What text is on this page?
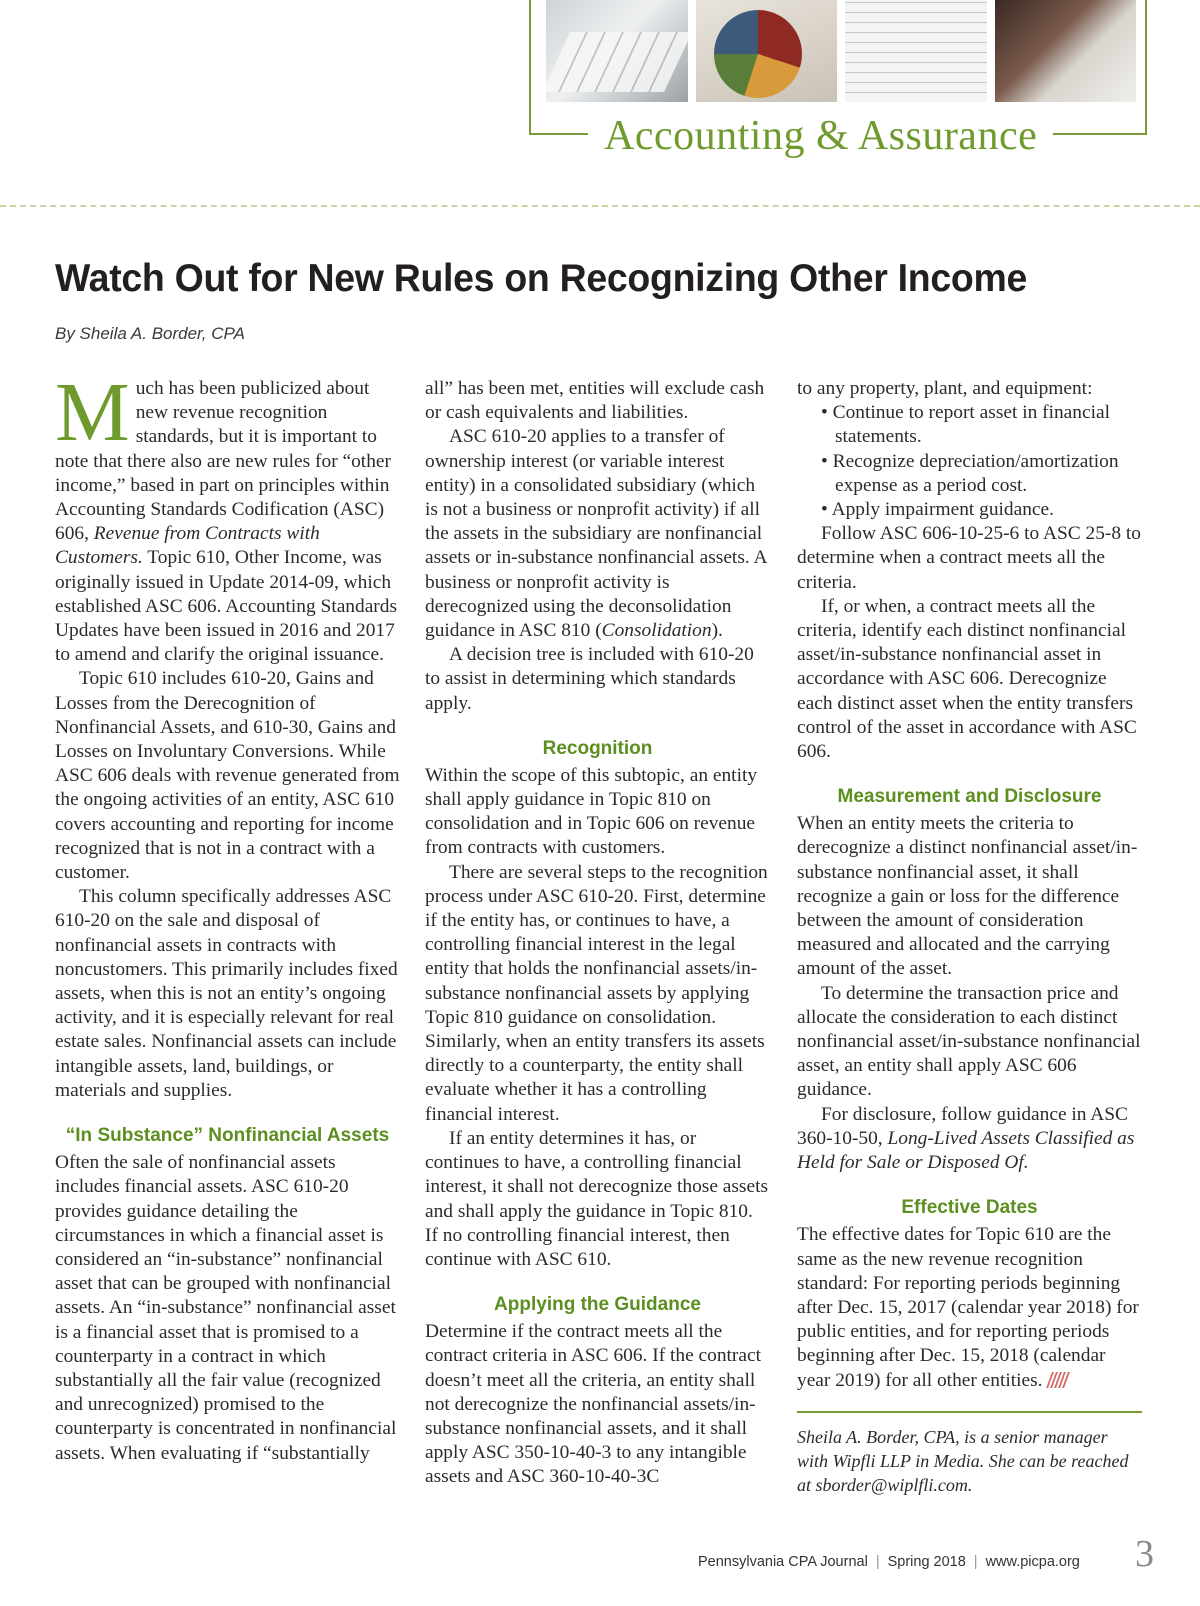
Accounting & Assurance
Watch Out for New Rules on Recognizing Other Income
By Sheila A. Border, CPA

Much has been publicized about new revenue recognition standards, but it is important to note that there also are new rules for “other income,” based in part on principles within Accounting Standards Codification (ASC) 606, Revenue from Contracts with Customers. Topic 610, Other Income, was originally issued in Update 2014-09, which established ASC 606. Accounting Standards Updates have been issued in 2016 and 2017 to amend and clarify the original issuance.

Topic 610 includes 610-20, Gains and Losses from the Derecognition of Nonfinancial Assets, and 610-30, Gains and Losses on Involuntary Conversions. While ASC 606 deals with revenue generated from the ongoing activities of an entity, ASC 610 covers accounting and reporting for income recognized that is not in a contract with a customer.

This column specifically addresses ASC 610-20 on the sale and disposal of nonfinancial assets in contracts with noncustomers. This primarily includes fixed assets, when this is not an entity’s ongoing activity, and it is especially relevant for real estate sales. Nonfinancial assets can include intangible assets, land, buildings, or materials and supplies.

“In Substance” Nonfinancial Assets

Often the sale of nonfinancial assets includes financial assets. ASC 610-20 provides guidance detailing the circumstances in which a financial asset is considered an “in-substance” nonfinancial asset that can be grouped with nonfinancial assets. An “in-substance” nonfinancial asset is a financial asset that is promised to a counterparty in a contract in which substantially all the fair value (recognized and unrecognized) promised to the counterparty is concentrated in nonfinancial assets. When evaluating if “substantially

all” has been met, entities will exclude cash or cash equivalents and liabilities.

ASC 610-20 applies to a transfer of ownership interest (or variable interest entity) in a consolidated subsidiary (which is not a business or nonprofit activity) if all the assets in the subsidiary are nonfinancial assets or in-substance nonfinancial assets. A business or nonprofit activity is derecognized using the deconsolidation guidance in ASC 810 (Consolidation).

A decision tree is included with 610-20 to assist in determining which standards apply.

Recognition

Within the scope of this subtopic, an entity shall apply guidance in Topic 810 on consolidation and in Topic 606 on revenue from contracts with customers.

There are several steps to the recognition process under ASC 610-20. First, determine if the entity has, or continues to have, a controlling financial interest in the legal entity that holds the nonfinancial assets/in-substance nonfinancial assets by applying Topic 810 guidance on consolidation. Similarly, when an entity transfers its assets directly to a counterparty, the entity shall evaluate whether it has a controlling financial interest.

If an entity determines it has, or continues to have, a controlling financial interest, it shall not derecognize those assets and shall apply the guidance in Topic 810. If no controlling financial interest, then continue with ASC 610.

Applying the Guidance

Determine if the contract meets all the contract criteria in ASC 606. If the contract doesn’t meet all the criteria, an entity shall not derecognize the nonfinancial assets/in-substance nonfinancial assets, and it shall apply ASC 350-10-40-3 to any intangible assets and ASC 360-10-40-3C

to any property, plant, and equipment:

• Continue to report asset in financial statements.
• Recognize depreciation/amortization expense as a period cost.
• Apply impairment guidance.

Follow ASC 606-10-25-6 to ASC 25-8 to determine when a contract meets all the criteria.

If, or when, a contract meets all the criteria, identify each distinct nonfinancial asset/in-substance nonfinancial asset in accordance with ASC 606. Derecognize each distinct asset when the entity transfers control of the asset in accordance with ASC 606.

Measurement and Disclosure

When an entity meets the criteria to derecognize a distinct nonfinancial asset/in-substance nonfinancial asset, it shall recognize a gain or loss for the difference between the amount of consideration measured and allocated and the carrying amount of the asset.

To determine the transaction price and allocate the consideration to each distinct nonfinancial asset/in-substance nonfinancial asset, an entity shall apply ASC 606 guidance.

For disclosure, follow guidance in ASC 360-10-50, Long-Lived Assets Classified as Held for Sale or Disposed Of.

Effective Dates

The effective dates for Topic 610 are the same as the new revenue recognition standard: For reporting periods beginning after Dec. 15, 2017 (calendar year 2018) for public entities, and for reporting periods beginning after Dec. 15, 2018 (calendar year 2019) for all other entities.

Sheila A. Border, CPA, is a senior manager with Wipfli LLP in Media. She can be reached at sborder@wiplfli.com.
Pennsylvania CPA Journal | Spring 2018 | www.picpa.org 3
